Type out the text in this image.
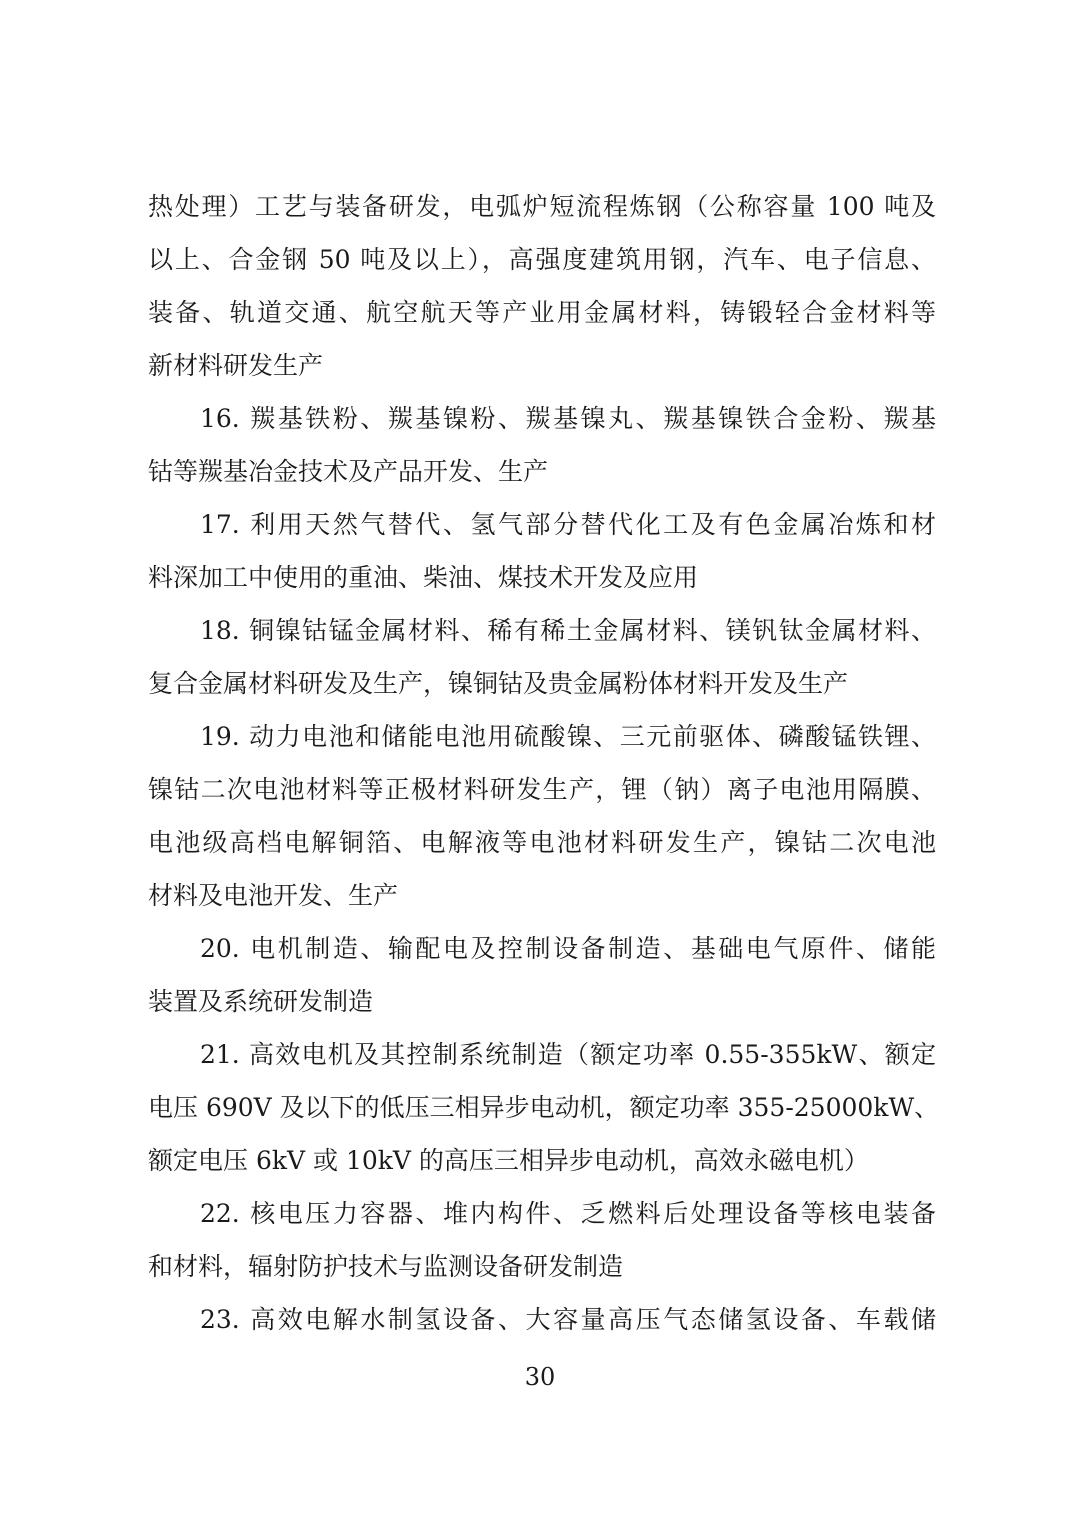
热处理）工艺与装备研发，电弧炉短流程炼钢（公称容量 100 吨及
以上、合金钢 50 吨及以上），高强度建筑用钢，汽车、电子信息、
装备、轨道交通、航空航天等产业用金属材料，铸锻轻合金材料等
新材料研发生产
16. 羰基铁粉、羰基镍粉、羰基镍丸、羰基镍铁合金粉、羰基
钴等羰基冶金技术及产品开发、生产
17. 利用天然气替代、氢气部分替代化工及有色金属冶炼和材
料深加工中使用的重油、柴油、煤技术开发及应用
18. 铜镍钴锰金属材料、稀有稀土金属材料、镁钒钛金属材料、
复合金属材料研发及生产，镍铜钴及贵金属粉体材料开发及生产
19. 动力电池和储能电池用硫酸镍、三元前驱体、磷酸锰铁锂、
镍钴二次电池材料等正极材料研发生产，锂（钠）离子电池用隔膜、
电池级高档电解铜箔、电解液等电池材料研发生产，镍钴二次电池
材料及电池开发、生产
20. 电机制造、输配电及控制设备制造、基础电气原件、储能
装置及系统研发制造
21. 高效电机及其控制系统制造（额定功率 0.55-355kW、额定
电压 690V 及以下的低压三相异步电动机，额定功率 355-25000kW、
额定电压 6kV 或 10kV 的高压三相异步电动机，高效永磁电机）
22. 核电压力容器、堆内构件、乏燃料后处理设备等核电装备
和材料，辐射防护技术与监测设备研发制造
23. 高效电解水制氢设备、大容量高压气态储氢设备、车载储
30
